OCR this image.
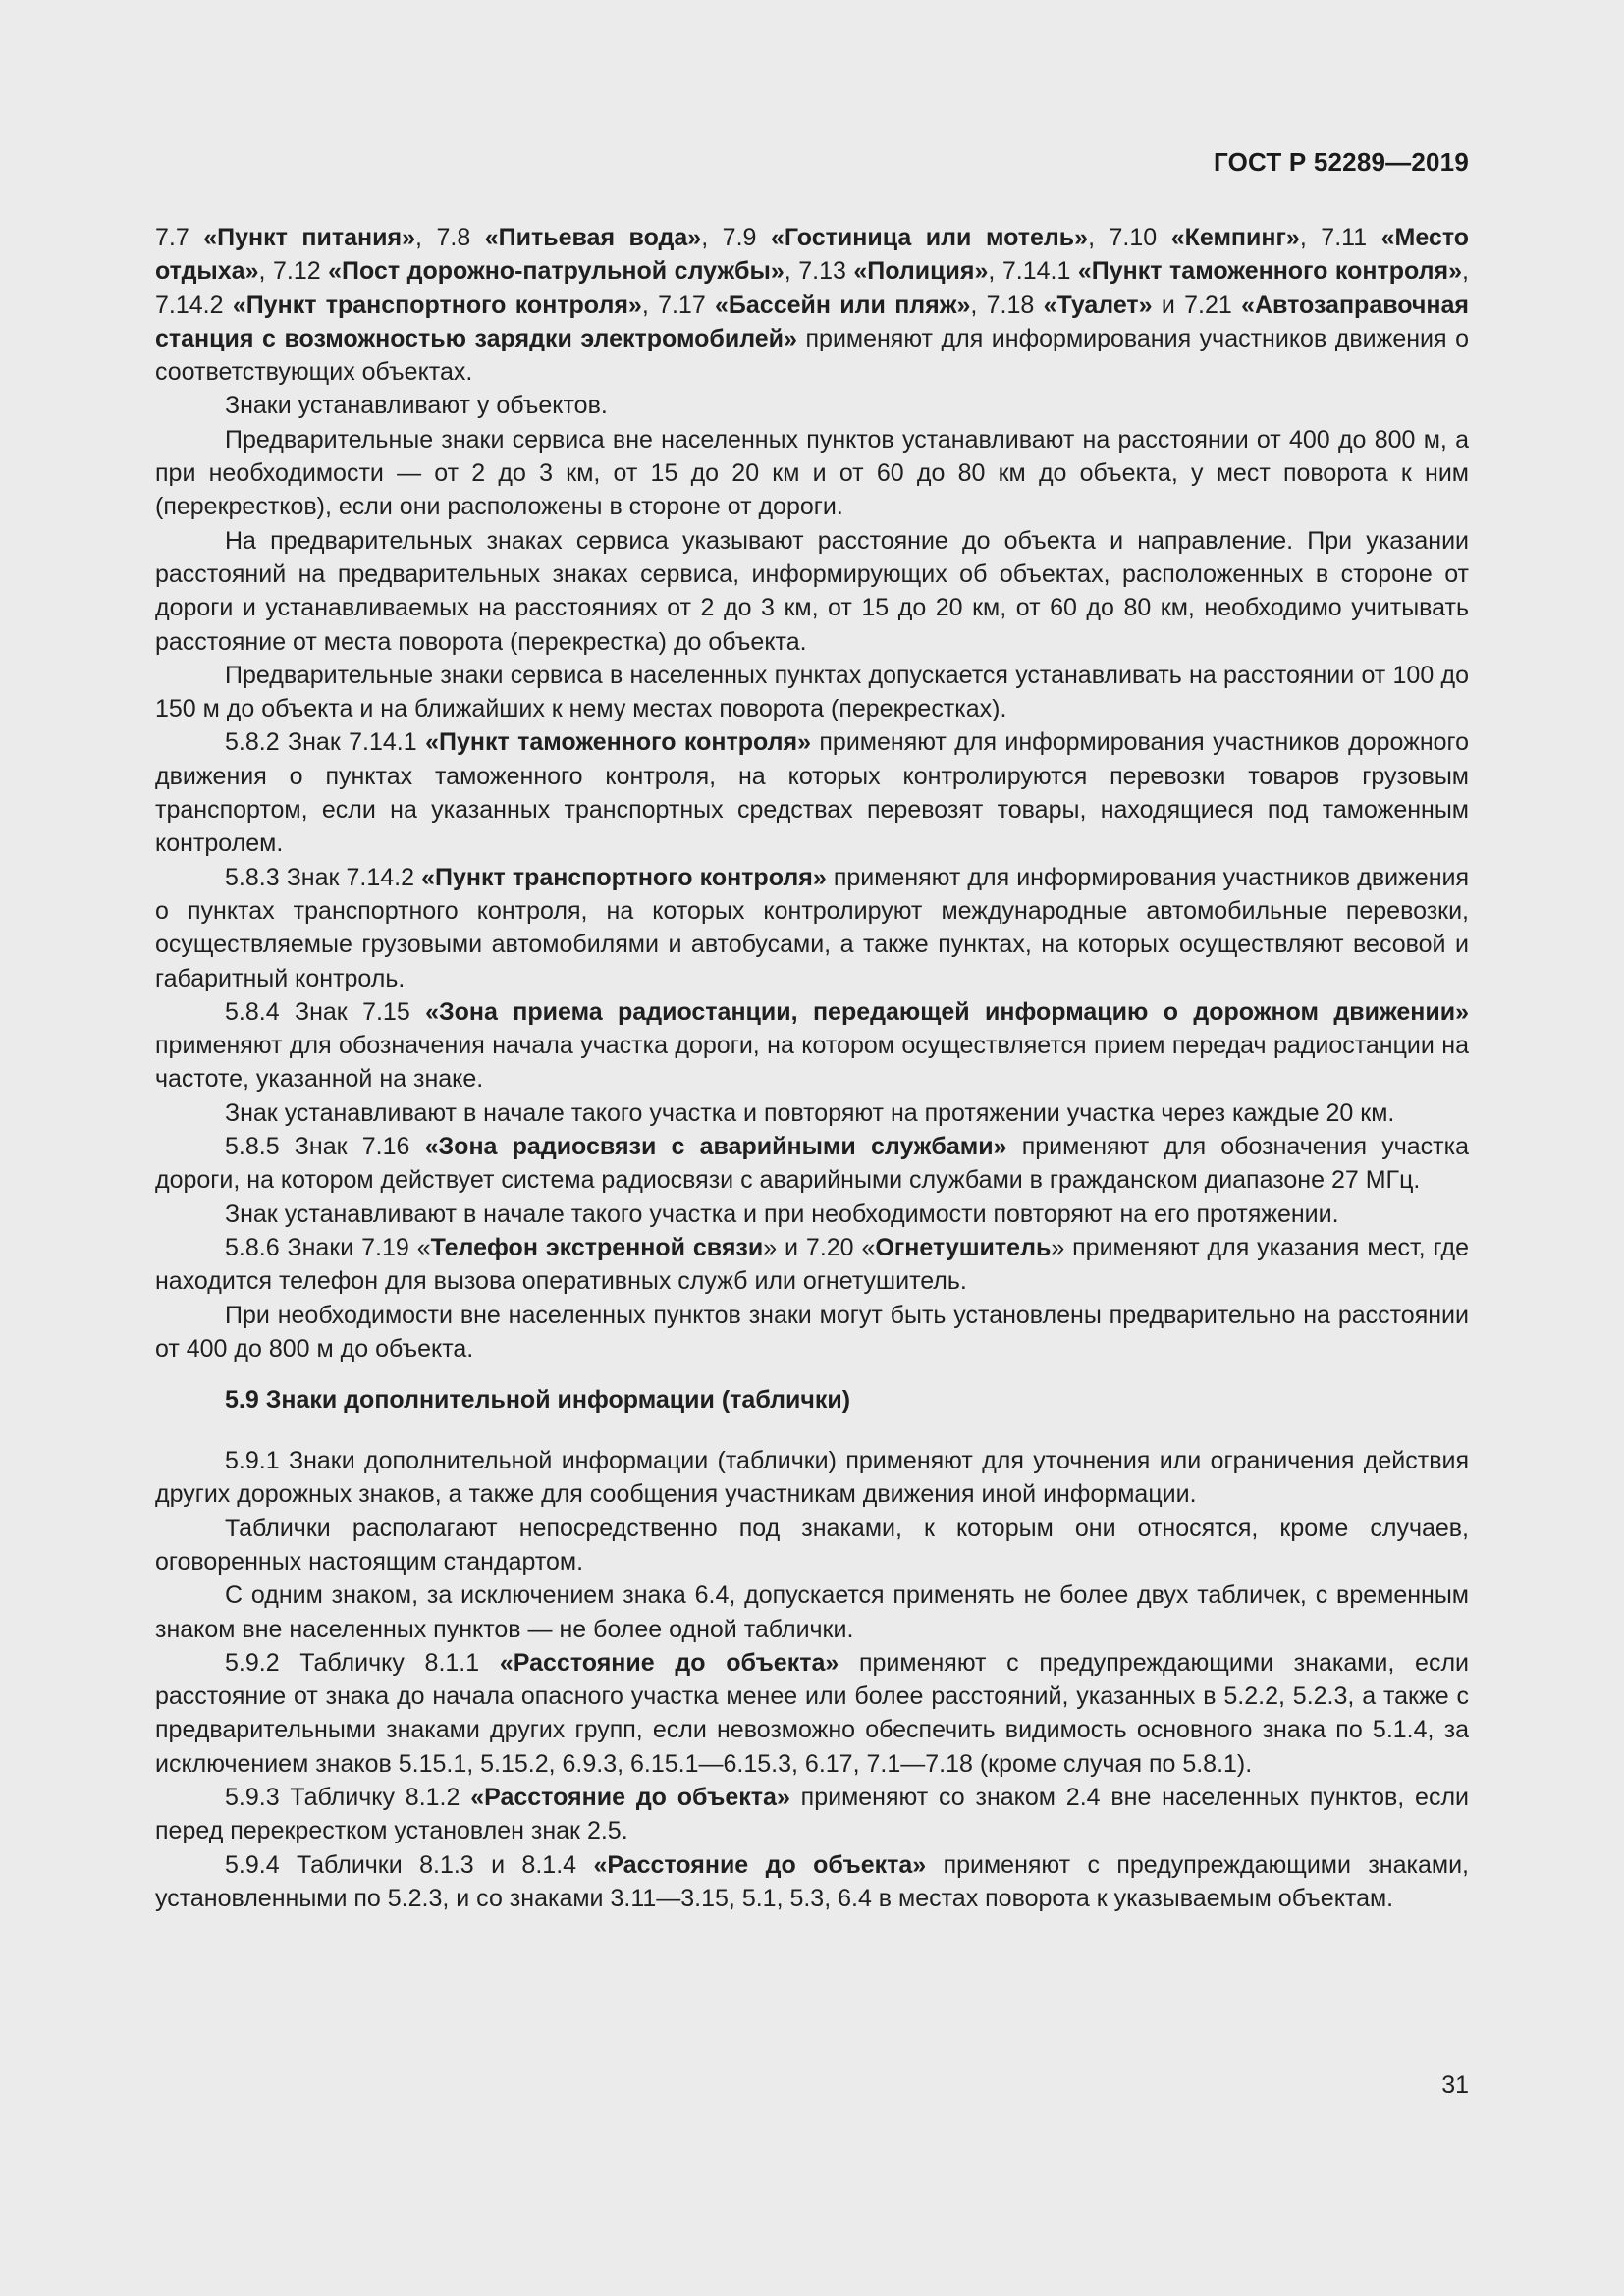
ГОСТ Р 52289—2019

7.7 «Пункт питания», 7.8 «Питьевая вода», 7.9 «Гостиница или мотель», 7.10 «Кемпинг», 7.11 «Место отдыха», 7.12 «Пост дорожно-патрульной службы», 7.13 «Полиция», 7.14.1 «Пункт таможенного контроля», 7.14.2 «Пункт транспортного контроля», 7.17 «Бассейн или пляж», 7.18 «Туалет» и 7.21 «Автозаправочная станция с возможностью зарядки электромобилей» применяют для информирования участников движения о соответствующих объектах.

Знаки устанавливают у объектов.

Предварительные знаки сервиса вне населенных пунктов устанавливают на расстоянии от 400 до 800 м, а при необходимости — от 2 до 3 км, от 15 до 20 км и от 60 до 80 км до объекта, у мест поворота к ним (перекрестков), если они расположены в стороне от дороги.

На предварительных знаках сервиса указывают расстояние до объекта и направление. При указании расстояний на предварительных знаках сервиса, информирующих об объектах, расположенных в стороне от дороги и устанавливаемых на расстояниях от 2 до 3 км, от 15 до 20 км, от 60 до 80 км, необходимо учитывать расстояние от места поворота (перекрестка) до объекта.

Предварительные знаки сервиса в населенных пунктах допускается устанавливать на расстоянии от 100 до 150 м до объекта и на ближайших к нему местах поворота (перекрестках).

5.8.2 Знак 7.14.1 «Пункт таможенного контроля» применяют для информирования участников дорожного движения о пунктах таможенного контроля, на которых контролируются перевозки товаров грузовым транспортом, если на указанных транспортных средствах перевозят товары, находящиеся под таможенным контролем.

5.8.3 Знак 7.14.2 «Пункт транспортного контроля» применяют для информирования участников движения о пунктах транспортного контроля, на которых контролируют международные автомобильные перевозки, осуществляемые грузовыми автомобилями и автобусами, а также пунктах, на которых осуществляют весовой и габаритный контроль.

5.8.4 Знак 7.15 «Зона приема радиостанции, передающей информацию о дорожном движении» применяют для обозначения начала участка дороги, на котором осуществляется прием передач радиостанции на частоте, указанной на знаке.

Знак устанавливают в начале такого участка и повторяют на протяжении участка через каждые 20 км.

5.8.5 Знак 7.16 «Зона радиосвязи с аварийными службами» применяют для обозначения участка дороги, на котором действует система радиосвязи с аварийными службами в гражданском диапазоне 27 МГц.

Знак устанавливают в начале такого участка и при необходимости повторяют на его протяжении.

5.8.6 Знаки 7.19 «Телефон экстренной связи» и 7.20 «Огнетушитель» применяют для указания мест, где находится телефон для вызова оперативных служб или огнетушитель.

При необходимости вне населенных пунктов знаки могут быть установлены предварительно на расстоянии от 400 до 800 м до объекта.

5.9 Знаки дополнительной информации (таблички)

5.9.1 Знаки дополнительной информации (таблички) применяют для уточнения или ограничения действия других дорожных знаков, а также для сообщения участникам движения иной информации.

Таблички располагают непосредственно под знаками, к которым они относятся, кроме случаев, оговоренных настоящим стандартом.

С одним знаком, за исключением знака 6.4, допускается применять не более двух табличек, с временным знаком вне населенных пунктов — не более одной таблички.

5.9.2 Табличку 8.1.1 «Расстояние до объекта» применяют с предупреждающими знаками, если расстояние от знака до начала опасного участка менее или более расстояний, указанных в 5.2.2, 5.2.3, а также с предварительными знаками других групп, если невозможно обеспечить видимость основного знака по 5.1.4, за исключением знаков 5.15.1, 5.15.2, 6.9.3, 6.15.1—6.15.3, 6.17, 7.1—7.18 (кроме случая по 5.8.1).

5.9.3 Табличку 8.1.2 «Расстояние до объекта» применяют со знаком 2.4 вне населенных пунктов, если перед перекрестком установлен знак 2.5.

5.9.4 Таблички 8.1.3 и 8.1.4 «Расстояние до объекта» применяют с предупреждающими знаками, установленными по 5.2.3, и со знаками 3.11—3.15, 5.1, 5.3, 6.4 в местах поворота к указываемым объектам.

31
